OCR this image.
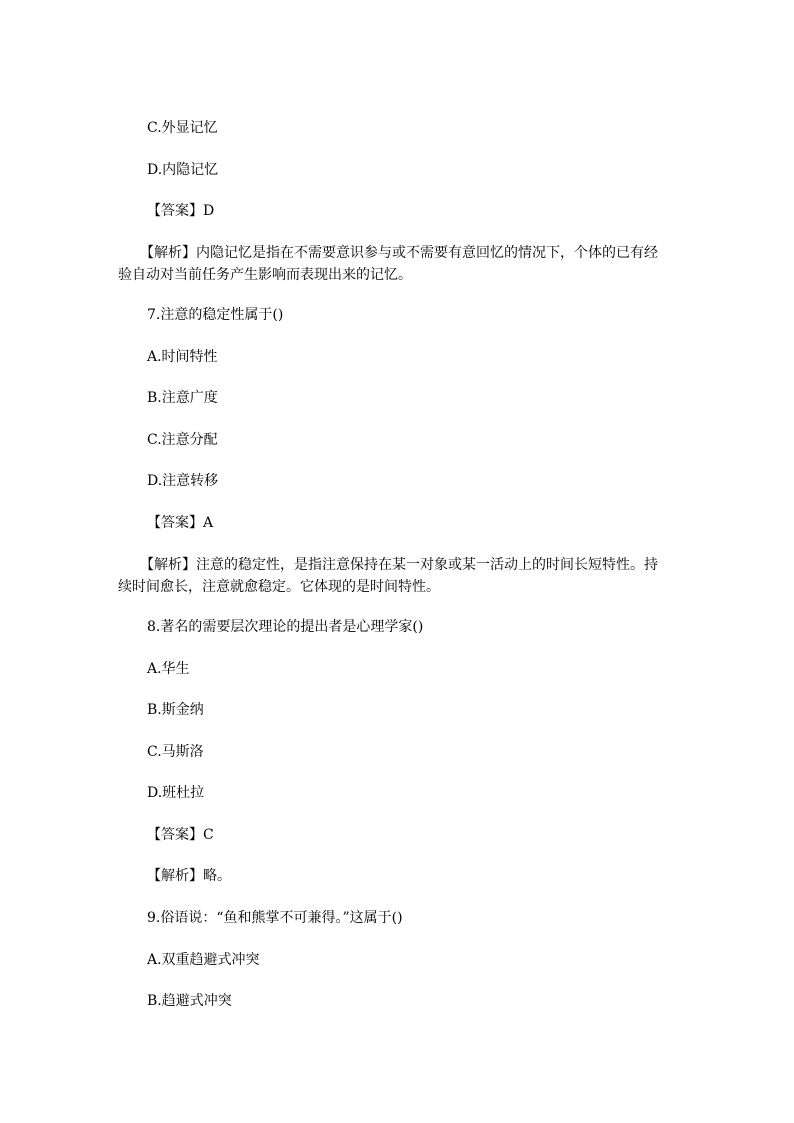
C.外显记忆
D.内隐记忆
【答案】D
【解析】内隐记忆是指在不需要意识参与或不需要有意回忆的情况下，个体的已有经
验自动对当前任务产生影响而表现出来的记忆。
7.注意的稳定性属于()
A.时间特性
B.注意广度
C.注意分配
D.注意转移
【答案】A
【解析】注意的稳定性，是指注意保持在某一对象或某一活动上的时间长短特性。持
续时间愈长，注意就愈稳定。它体现的是时间特性。
8.著名的需要层次理论的提出者是心理学家()
A.华生
B.斯金纳
C.马斯洛
D.班杜拉
【答案】C
【解析】略。
9.俗语说：“鱼和熊掌不可兼得。”这属于()
A.双重趋避式冲突
B.趋避式冲突
